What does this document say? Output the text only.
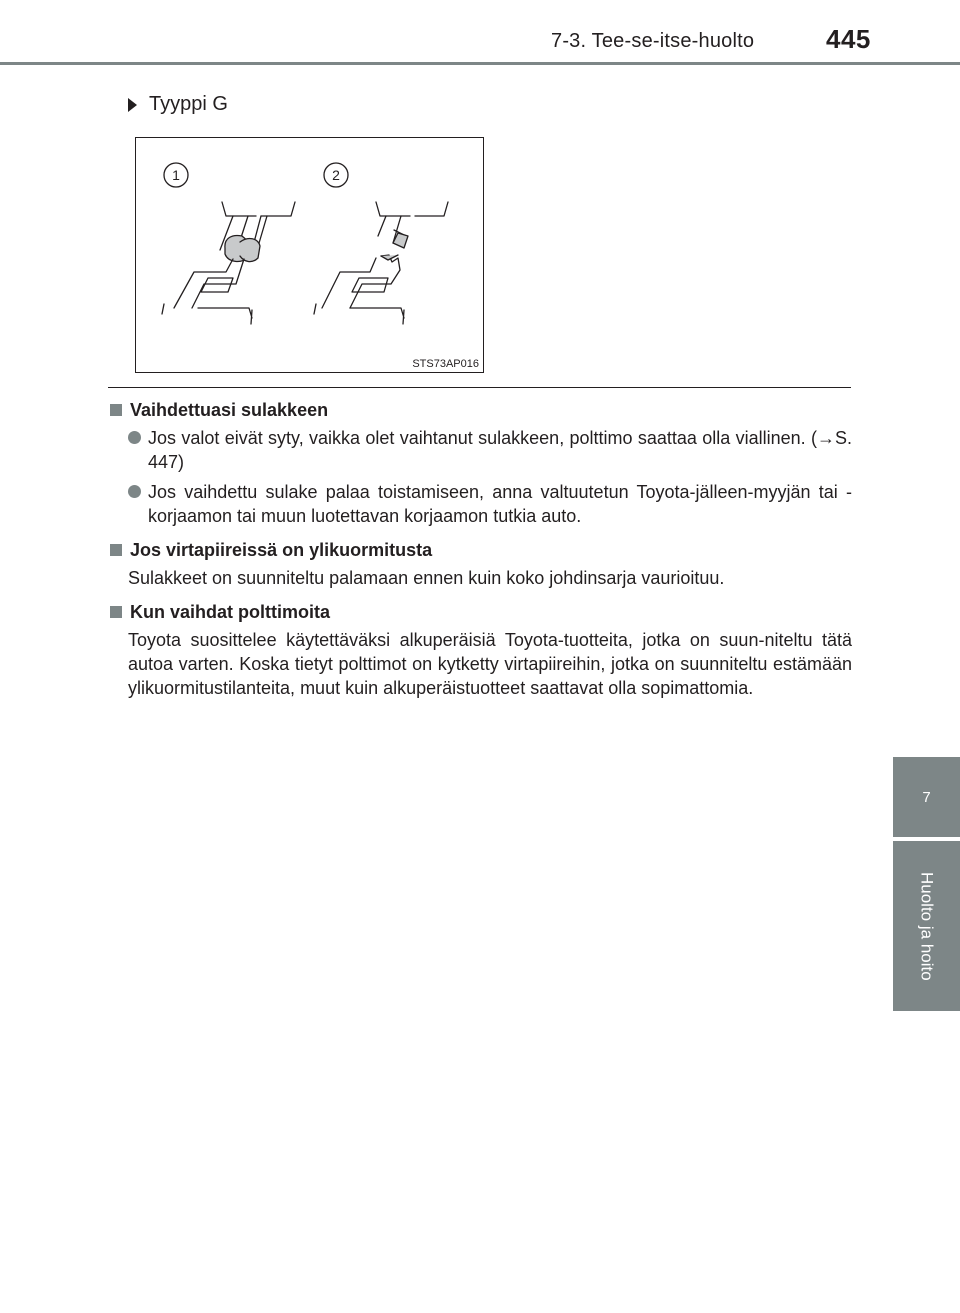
7-3. Tee-se-itse-huolto	445
7
Huolto ja hoito
Tyyppi G
1	2
STS73AP016
Vaihdettuasi sulakkeen
Jos valot eivät syty, vaikka olet vaihtanut sulakkeen, polttimo saattaa olla viallinen. (→S. 447)
Jos vaihdettu sulake palaa toistamiseen, anna valtuutetun Toyota-jälleen-myyjän tai -korjaamon tai muun luotettavan korjaamon tutkia auto.
Jos virtapiireissä on ylikuormitusta
Sulakkeet on suunniteltu palamaan ennen kuin koko johdinsarja vaurioituu.
Kun vaihdat polttimoita
Toyota suosittelee käytettäväksi alkuperäisiä Toyota-tuotteita, jotka on suun-niteltu tätä autoa varten. Koska tietyt polttimot on kytketty virtapiireihin, jotka on suunniteltu estämään ylikuormitustilanteita, muut kuin alkuperäistuotteet saattavat olla sopimattomia.
